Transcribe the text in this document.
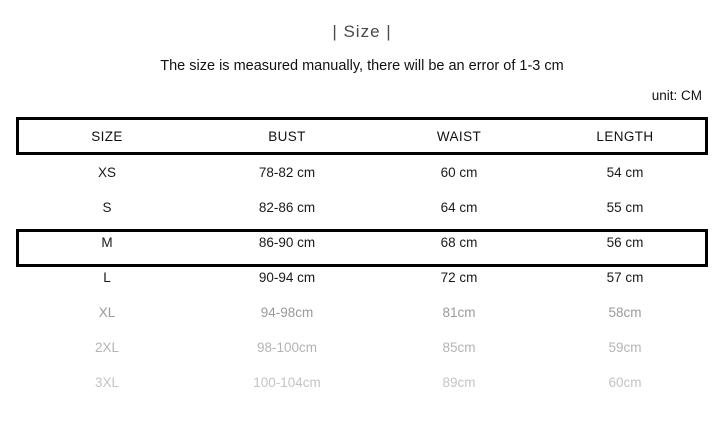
| Size |
The size is measured manually, there will be an error of 1-3 cm
unit: CM
SIZE	BUST	WAIST	LENGTH
XS	78-82 cm	60 cm	54 cm
S	82-86 cm	64 cm	55 cm
M	86-90 cm	68 cm	56 cm
L	90-94 cm	72 cm	57 cm
XL	94-98cm	81cm	58cm
2XL	98-100cm	85cm	59cm
3XL	100-104cm	89cm	60cm
